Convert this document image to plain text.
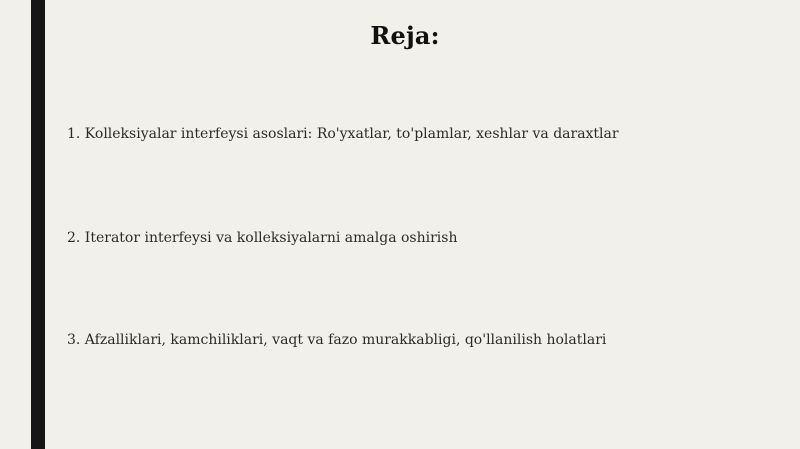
Reja:
1. Kolleksiyalar interfeysi asoslari: Ro'yxatlar, to'plamlar, xeshlar va daraxtlar
2. Iterator interfeysi va kolleksiyalarni amalga oshirish
3. Afzalliklari, kamchiliklari, vaqt va fazo murakkabligi, qo'llanilish holatlari
